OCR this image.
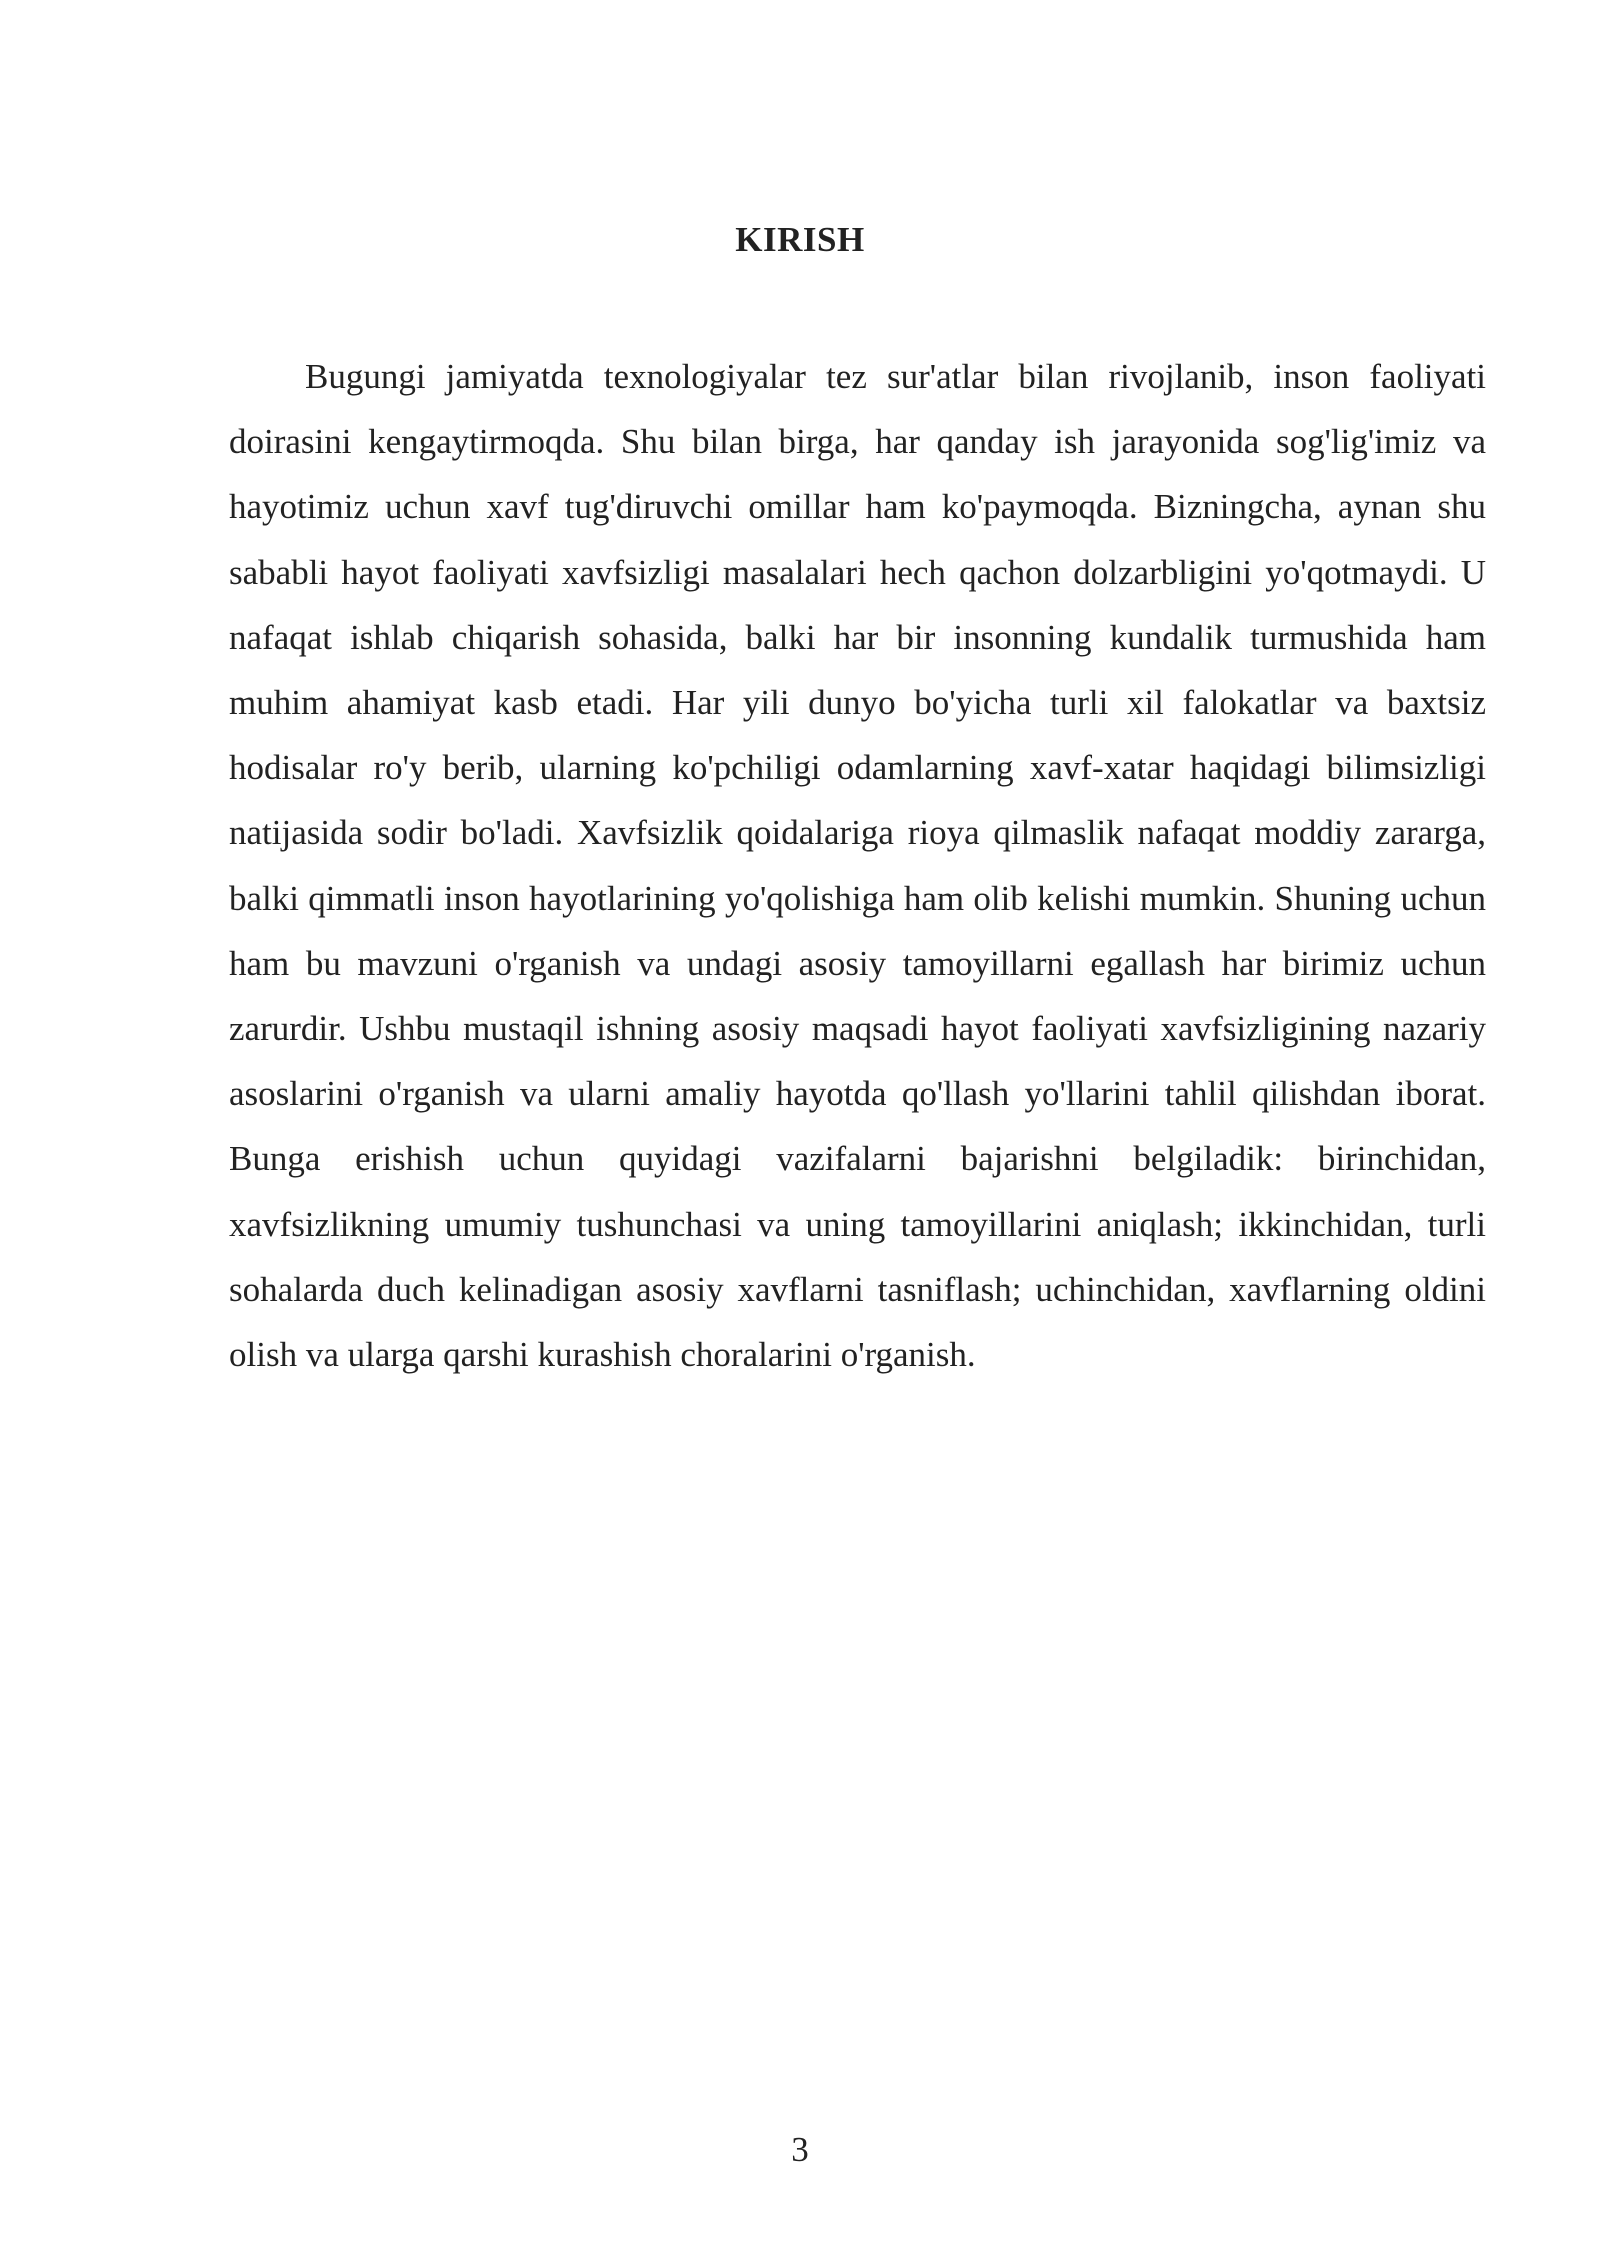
KIRISH

Bugungi jamiyatda texnologiyalar tez sur'atlar bilan rivojlanib, inson faoliyati doirasini kengaytirmoqda. Shu bilan birga, har qanday ish jarayonida sog'lig'imiz va hayotimiz uchun xavf tug'diruvchi omillar ham ko'paymoqda. Bizningcha, aynan shu sababli hayot faoliyati xavfsizligi masalalari hech qachon dolzarbligini yo'qotmaydi. U nafaqat ishlab chiqarish sohasida, balki har bir insonning kundalik turmushida ham muhim ahamiyat kasb etadi. Har yili dunyo bo'yicha turli xil falokatlar va baxtsiz hodisalar ro'y berib, ularning ko'pchiligi odamlarning xavf-xatar haqidagi bilimsizligi natijasida sodir bo'ladi. Xavfsizlik qoidalariga rioya qilmaslik nafaqat moddiy zararga, balki qimmatli inson hayotlarining yo'qolishiga ham olib kelishi mumkin. Shuning uchun ham bu mavzuni o'rganish va undagi asosiy tamoyillarni egallash har birimiz uchun zarurdir. Ushbu mustaqil ishning asosiy maqsadi hayot faoliyati xavfsizligining nazariy asoslarini o'rganish va ularni amaliy hayotda qo'llash yo'llarini tahlil qilishdan iborat. Bunga erishish uchun quyidagi vazifalarni bajarishni belgiladik: birinchidan, xavfsizlikning umumiy tushunchasi va uning tamoyillarini aniqlash; ikkinchidan, turli sohalarda duch kelinadigan asosiy xavflarni tasniflash; uchinchidan, xavflarning oldini olish va ularga qarshi kurashish choralarini o'rganish.

3
